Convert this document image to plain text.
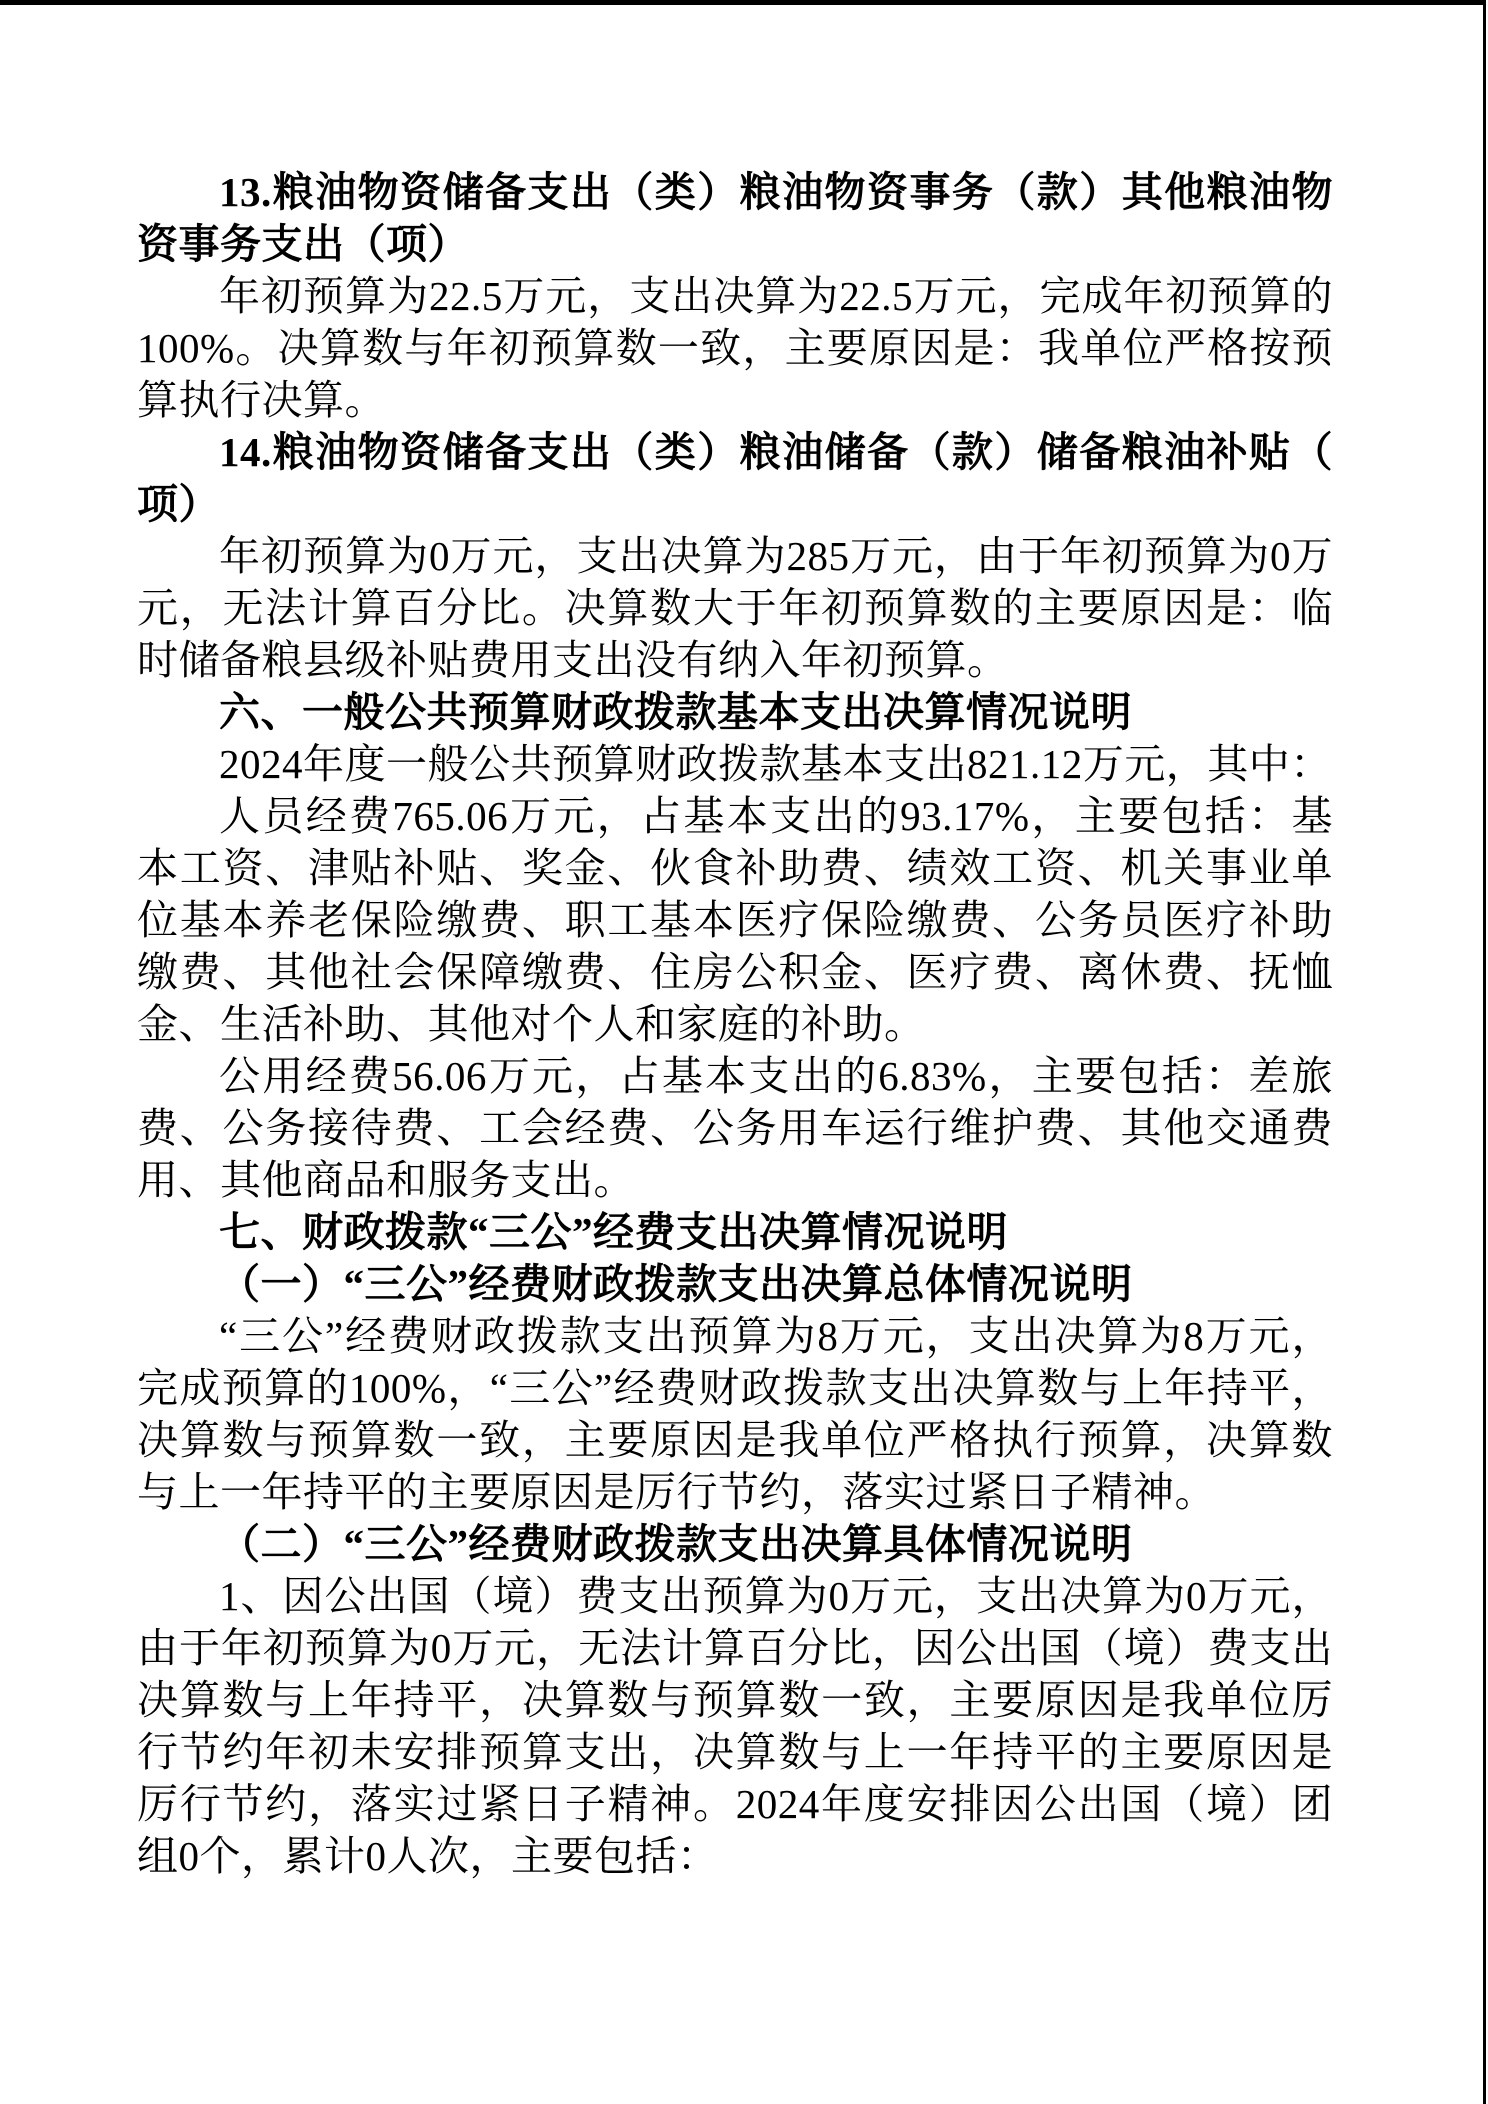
13.粮油物资储备支出（类）粮油物资事务（款）其他粮油物资事务支出（项）

年初预算为22.5万元，支出决算为22.5万元，完成年初预算的100%。决算数与年初预算数一致，主要原因是：我单位严格按预算执行决算。

14.粮油物资储备支出（类）粮油储备（款）储备粮油补贴（项）

年初预算为0万元，支出决算为285万元，由于年初预算为0万元，无法计算百分比。决算数大于年初预算数的主要原因是：临时储备粮县级补贴费用支出没有纳入年初预算。

六、一般公共预算财政拨款基本支出决算情况说明

2024年度一般公共预算财政拨款基本支出821.12万元，其中：

人员经费765.06万元，占基本支出的93.17%，主要包括：基本工资、津贴补贴、奖金、伙食补助费、绩效工资、机关事业单位基本养老保险缴费、职工基本医疗保险缴费、公务员医疗补助缴费、其他社会保障缴费、住房公积金、医疗费、离休费、抚恤金、生活补助、其他对个人和家庭的补助。

公用经费56.06万元，占基本支出的6.83%，主要包括：差旅费、公务接待费、工会经费、公务用车运行维护费、其他交通费用、其他商品和服务支出。

七、财政拨款“三公”经费支出决算情况说明

（一）“三公”经费财政拨款支出决算总体情况说明

“三公”经费财政拨款支出预算为8万元，支出决算为8万元，完成预算的100%，“三公”经费财政拨款支出决算数与上年持平，决算数与预算数一致，主要原因是我单位严格执行预算，决算数与上一年持平的主要原因是厉行节约，落实过紧日子精神。

（二）“三公”经费财政拨款支出决算具体情况说明

1、因公出国（境）费支出预算为0万元，支出决算为0万元，由于年初预算为0万元，无法计算百分比，因公出国（境）费支出决算数与上年持平，决算数与预算数一致，主要原因是我单位厉行节约年初未安排预算支出，决算数与上一年持平的主要原因是厉行节约，落实过紧日子精神。2024年度安排因公出国（境）团组0个，累计0人次，主要包括：
